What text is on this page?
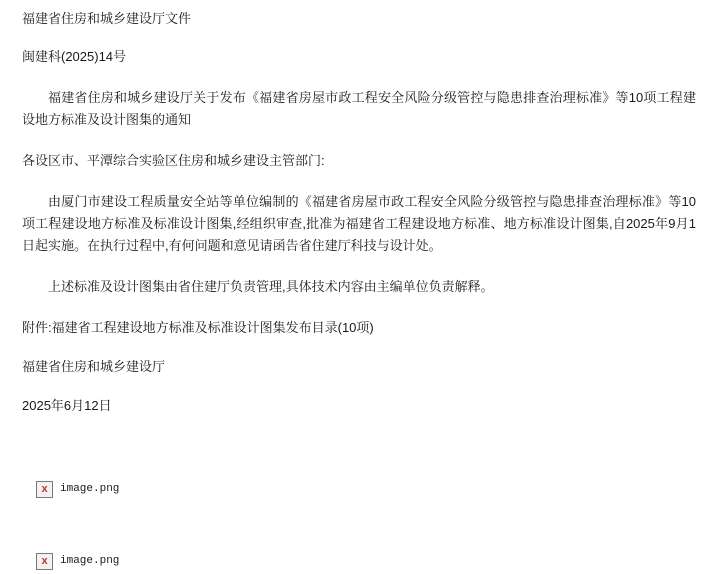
福建省住房和城乡建设厅文件

闽建科(2025)14号

福建省住房和城乡建设厅关于发布《福建省房屋市政工程安全风险分级管控与隐患排查治理标准》等10项工程建设地方标准及设计图集的通知

各设区市、平潭综合实验区住房和城乡建设主管部门:

由厦门市建设工程质量安全站等单位编制的《福建省房屋市政工程安全风险分级管控与隐患排查治理标准》等10项工程建设地方标准及标准设计图集,经组织审查,批准为福建省工程建设地方标准、地方标准设计图集,自2025年9月1日起实施。在执行过程中,有何问题和意见请函告省住建厅科技与设计处。

上述标准及设计图集由省住建厅负责管理,具体技术内容由主编单位负责解释。

附件:福建省工程建设地方标准及标准设计图集发布目录(10项)

福建省住房和城乡建设厅

2025年6月12日

x	image.png
x	image.png
